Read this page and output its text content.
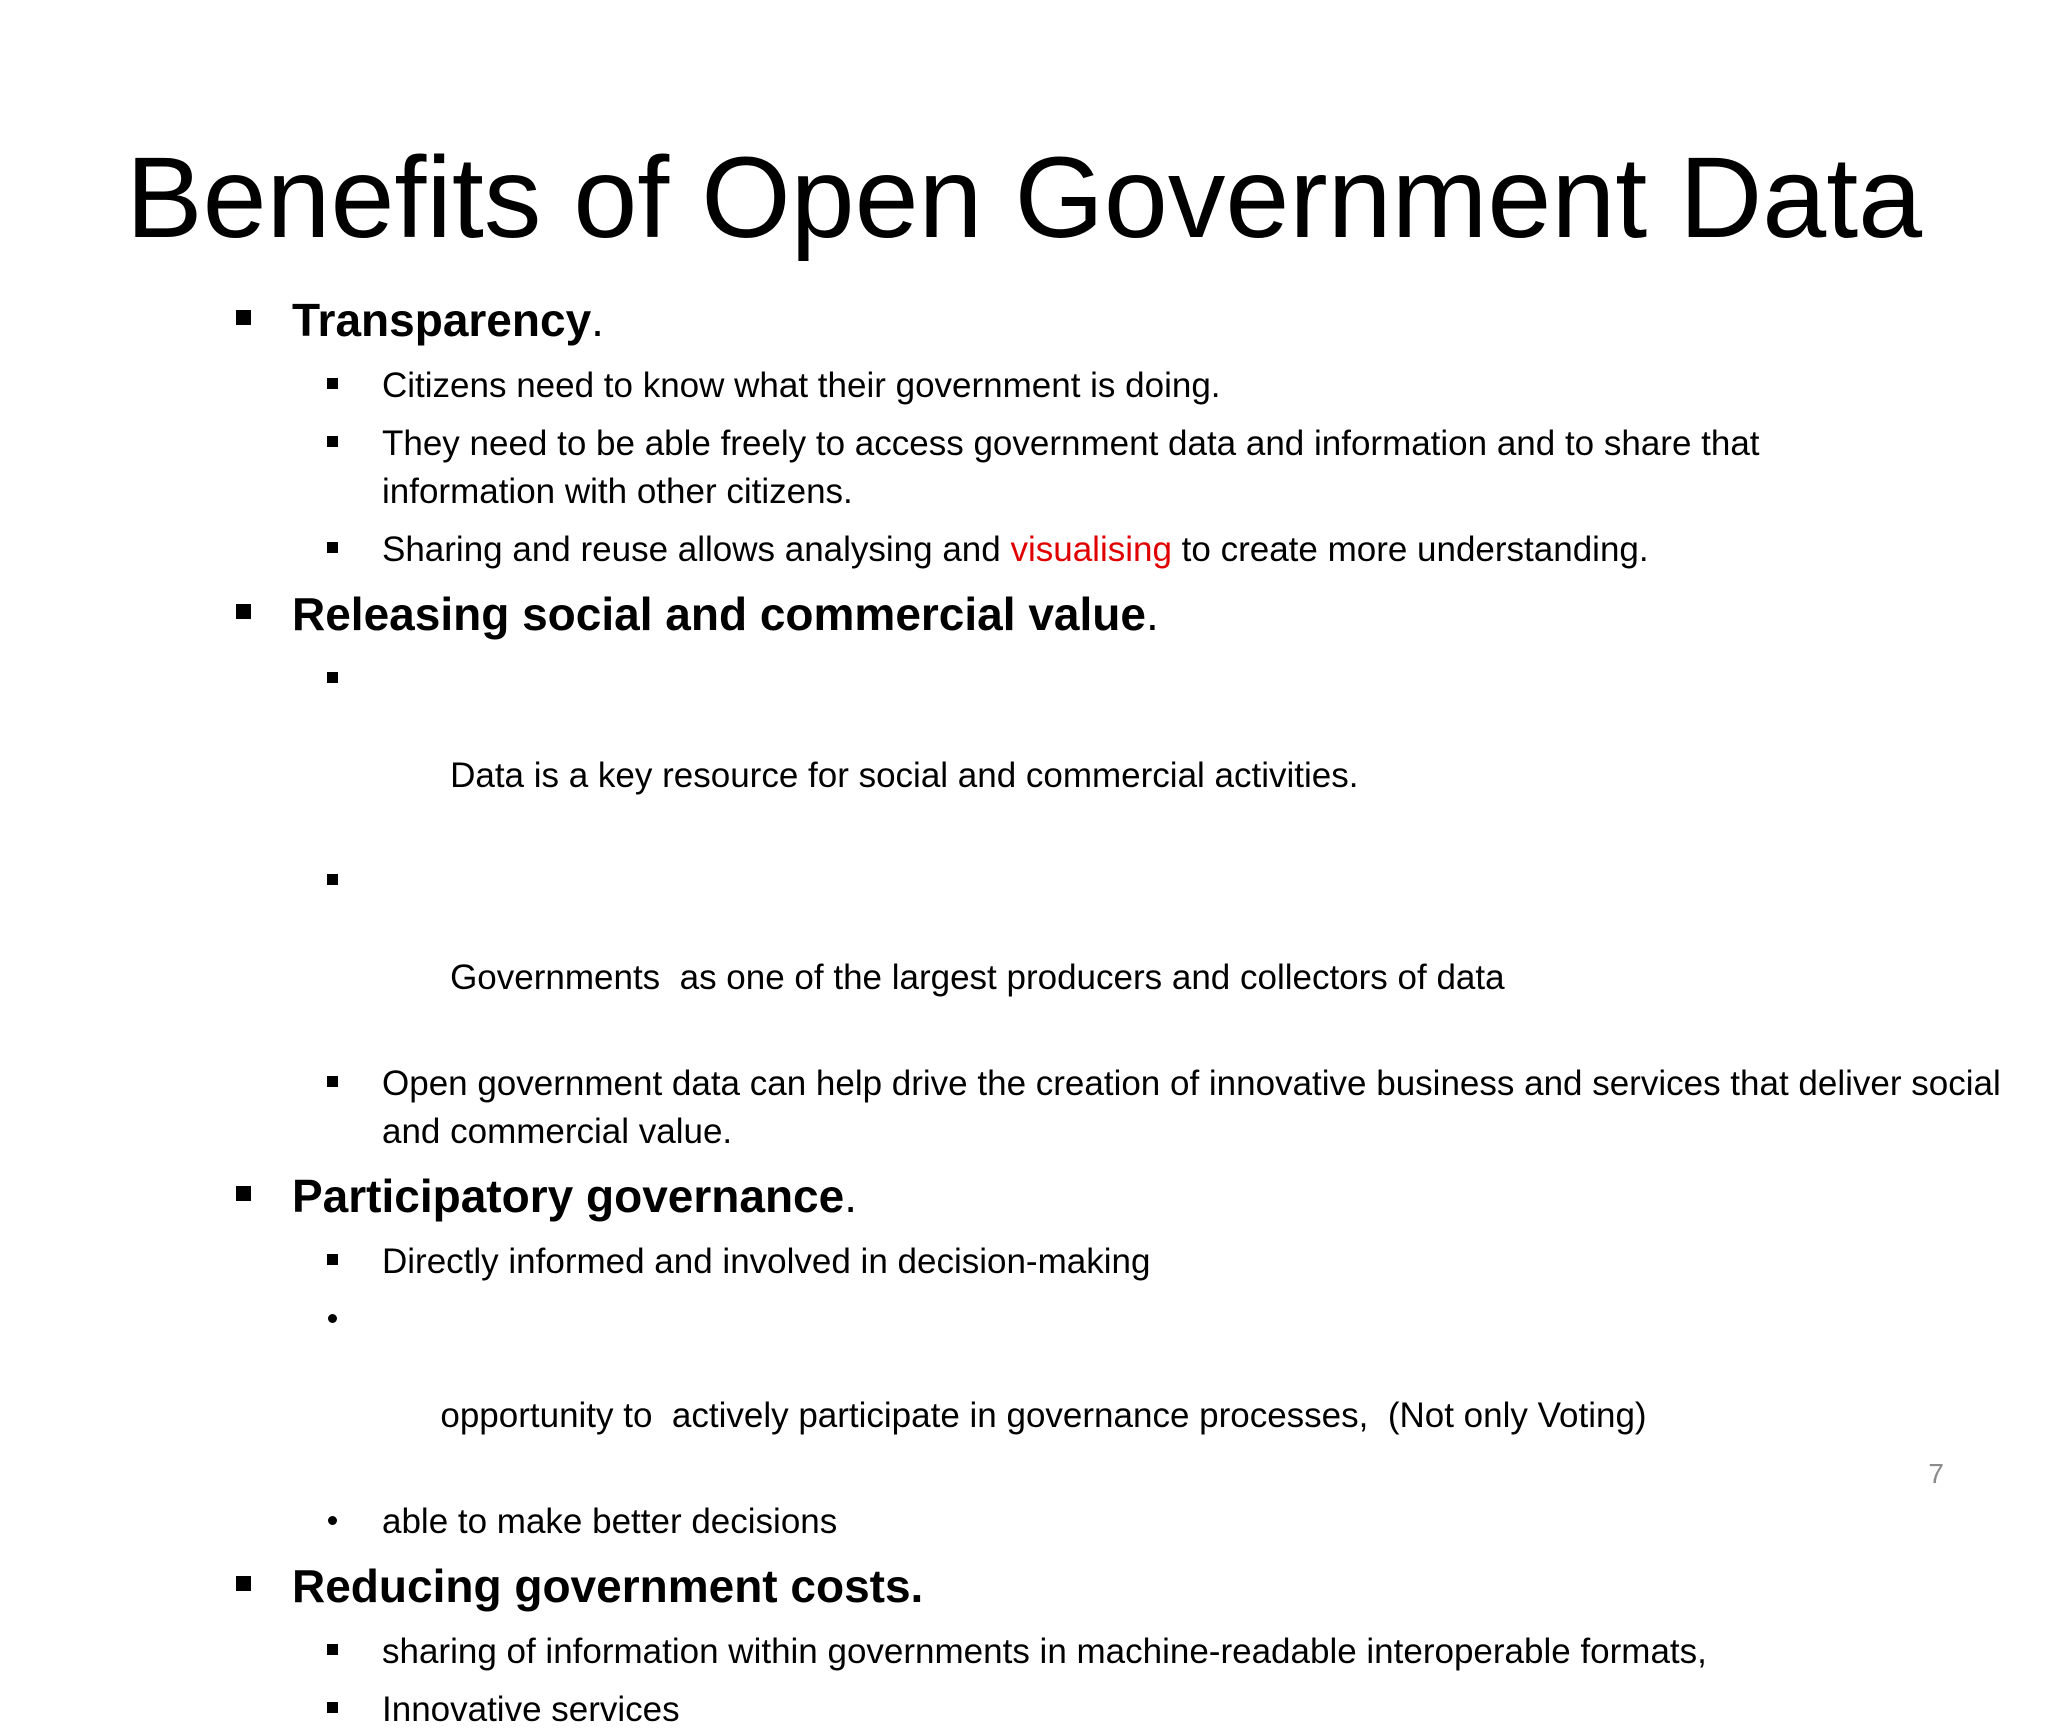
Benefits of Open Government Data
Transparency.
Citizens need to know what their government is doing.
They need to be able freely to access government data and information and to share that information with other citizens.
Sharing and reuse allows analysing and visualising to create more understanding.
Releasing social and commercial value.

Data is a key resource for social and commercial activities.

Governments  as one of the largest producers and collectors of data

Open government data can help drive the creation of innovative business and services that deliver social and commercial value.
Participatory governance.
Directly informed and involved in decision-making

opportunity to  actively participate in governance processes,  (Not only Voting)

able to make better decisions
Reducing government costs.
sharing of information within governments in machine-readable interoperable formats,
Innovative services
7
